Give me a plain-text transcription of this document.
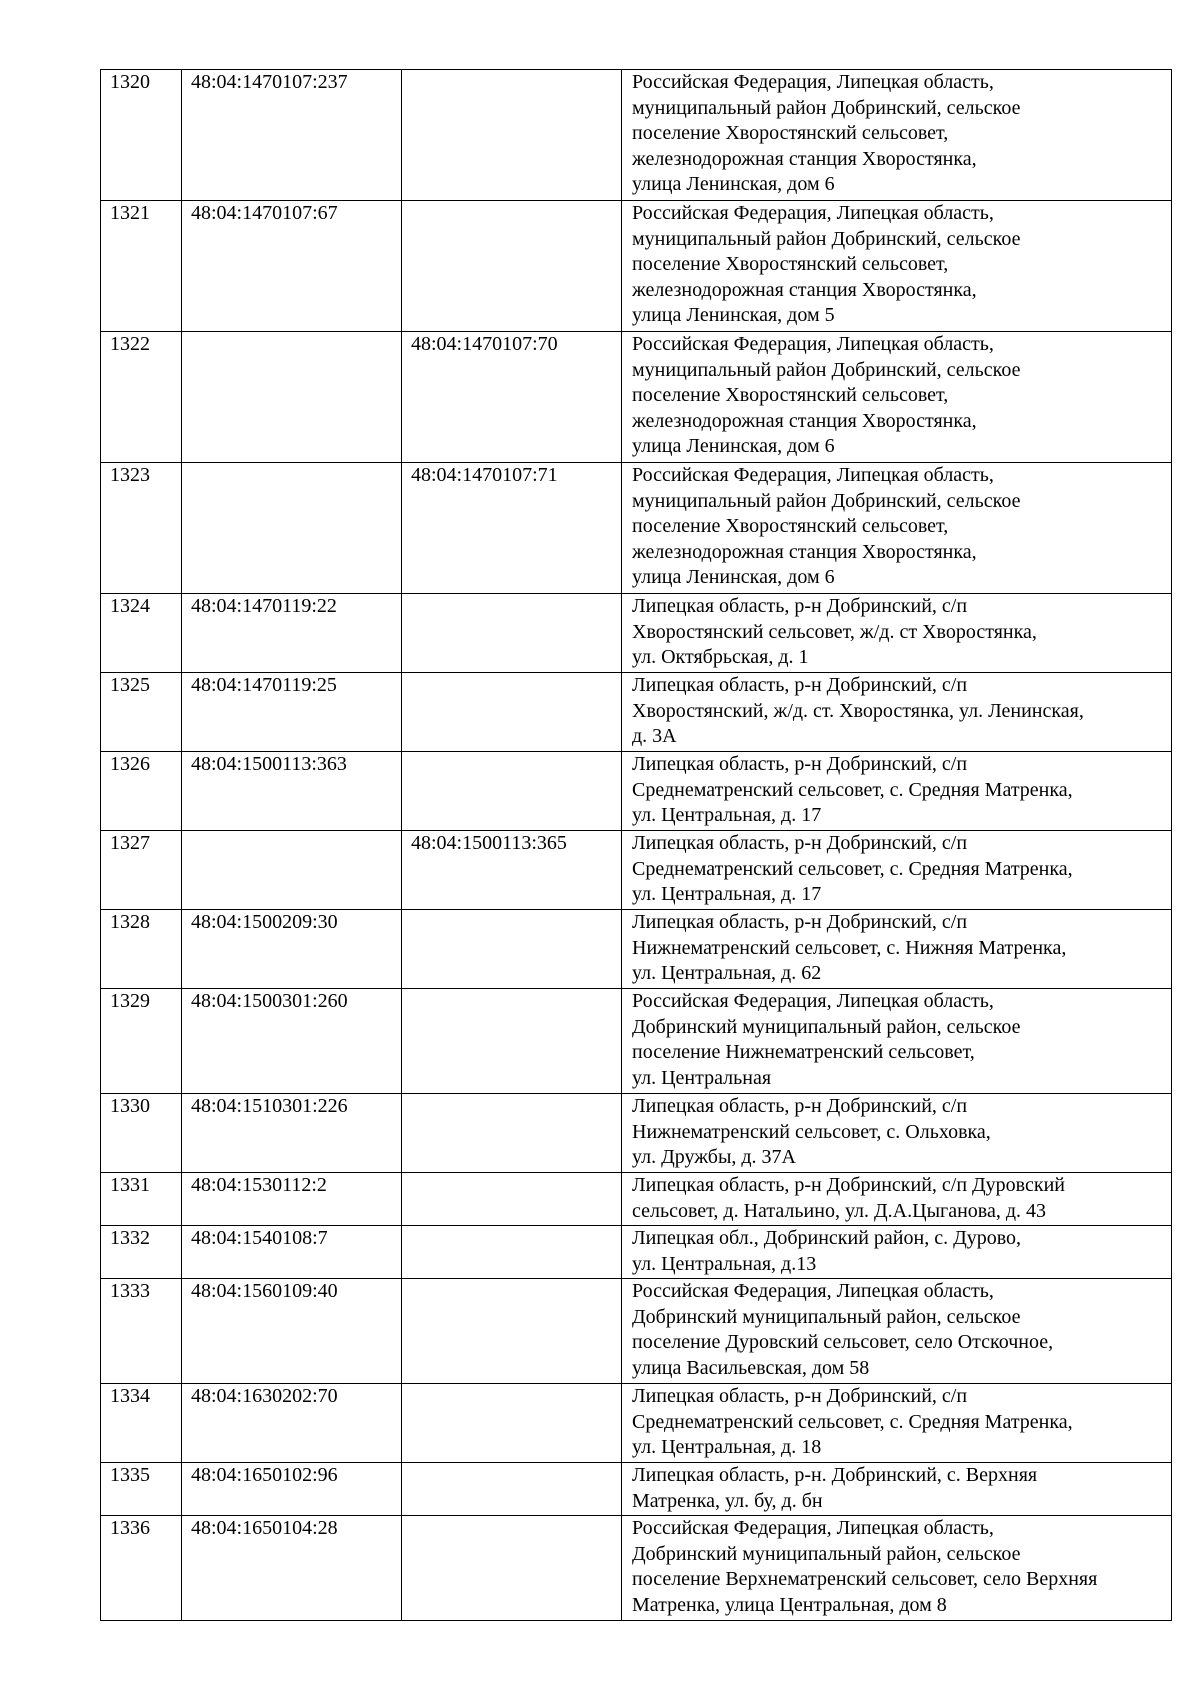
1320	48:04:1470107:237		Российская Федерация, Липецкая область,
муниципальный район Добринский, сельское
поселение Хворостянский сельсовет,
железнодорожная станция Хворостянка,
улица Ленинская, дом 6
1321	48:04:1470107:67		Российская Федерация, Липецкая область,
муниципальный район Добринский, сельское
поселение Хворостянский сельсовет,
железнодорожная станция Хворостянка,
улица Ленинская, дом 5
1322		48:04:1470107:70	Российская Федерация, Липецкая область,
муниципальный район Добринский, сельское
поселение Хворостянский сельсовет,
железнодорожная станция Хворостянка,
улица Ленинская, дом 6
1323		48:04:1470107:71	Российская Федерация, Липецкая область,
муниципальный район Добринский, сельское
поселение Хворостянский сельсовет,
железнодорожная станция Хворостянка,
улица Ленинская, дом 6
1324	48:04:1470119:22		Липецкая область, р-н Добринский, с/п
Хворостянский сельсовет, ж/д. ст Хворостянка,
ул. Октябрьская, д. 1
1325	48:04:1470119:25		Липецкая область, р-н Добринский, с/п
Хворостянский, ж/д. ст. Хворостянка, ул. Ленинская,
д. 3А
1326	48:04:1500113:363		Липецкая область, р-н Добринский, с/п
Среднематренский сельсовет, с. Средняя Матренка,
ул. Центральная, д. 17
1327		48:04:1500113:365	Липецкая область, р-н Добринский, с/п
Среднематренский сельсовет, с. Средняя Матренка,
ул. Центральная, д. 17
1328	48:04:1500209:30		Липецкая область, р-н Добринский, с/п
Нижнематренский сельсовет, с. Нижняя Матренка,
ул. Центральная, д. 62
1329	48:04:1500301:260		Российская Федерация, Липецкая область,
Добринский муниципальный район, сельское
поселение Нижнематренский сельсовет,
ул. Центральная
1330	48:04:1510301:226		Липецкая область, р-н Добринский, с/п
Нижнематренский сельсовет, с. Ольховка,
ул. Дружбы, д. 37А
1331	48:04:1530112:2		Липецкая область, р-н Добринский, с/п Дуровский
сельсовет, д. Натальино, ул. Д.А.Цыганова, д. 43
1332	48:04:1540108:7		Липецкая обл., Добринский район, с. Дурово,
ул. Центральная, д.13
1333	48:04:1560109:40		Российская Федерация, Липецкая область,
Добринский муниципальный район, сельское
поселение Дуровский сельсовет, село Отскочное,
улица Васильевская, дом 58
1334	48:04:1630202:70		Липецкая область, р-н Добринский, с/п
Среднематренский сельсовет, с. Средняя Матренка,
ул. Центральная, д. 18
1335	48:04:1650102:96		Липецкая область, р-н. Добринский, с. Верхняя
Матренка, ул. бу, д. бн
1336	48:04:1650104:28		Российская Федерация, Липецкая область,
Добринский муниципальный район, сельское
поселение Верхнематренский сельсовет, село Верхняя
Матренка, улица Центральная, дом 8
